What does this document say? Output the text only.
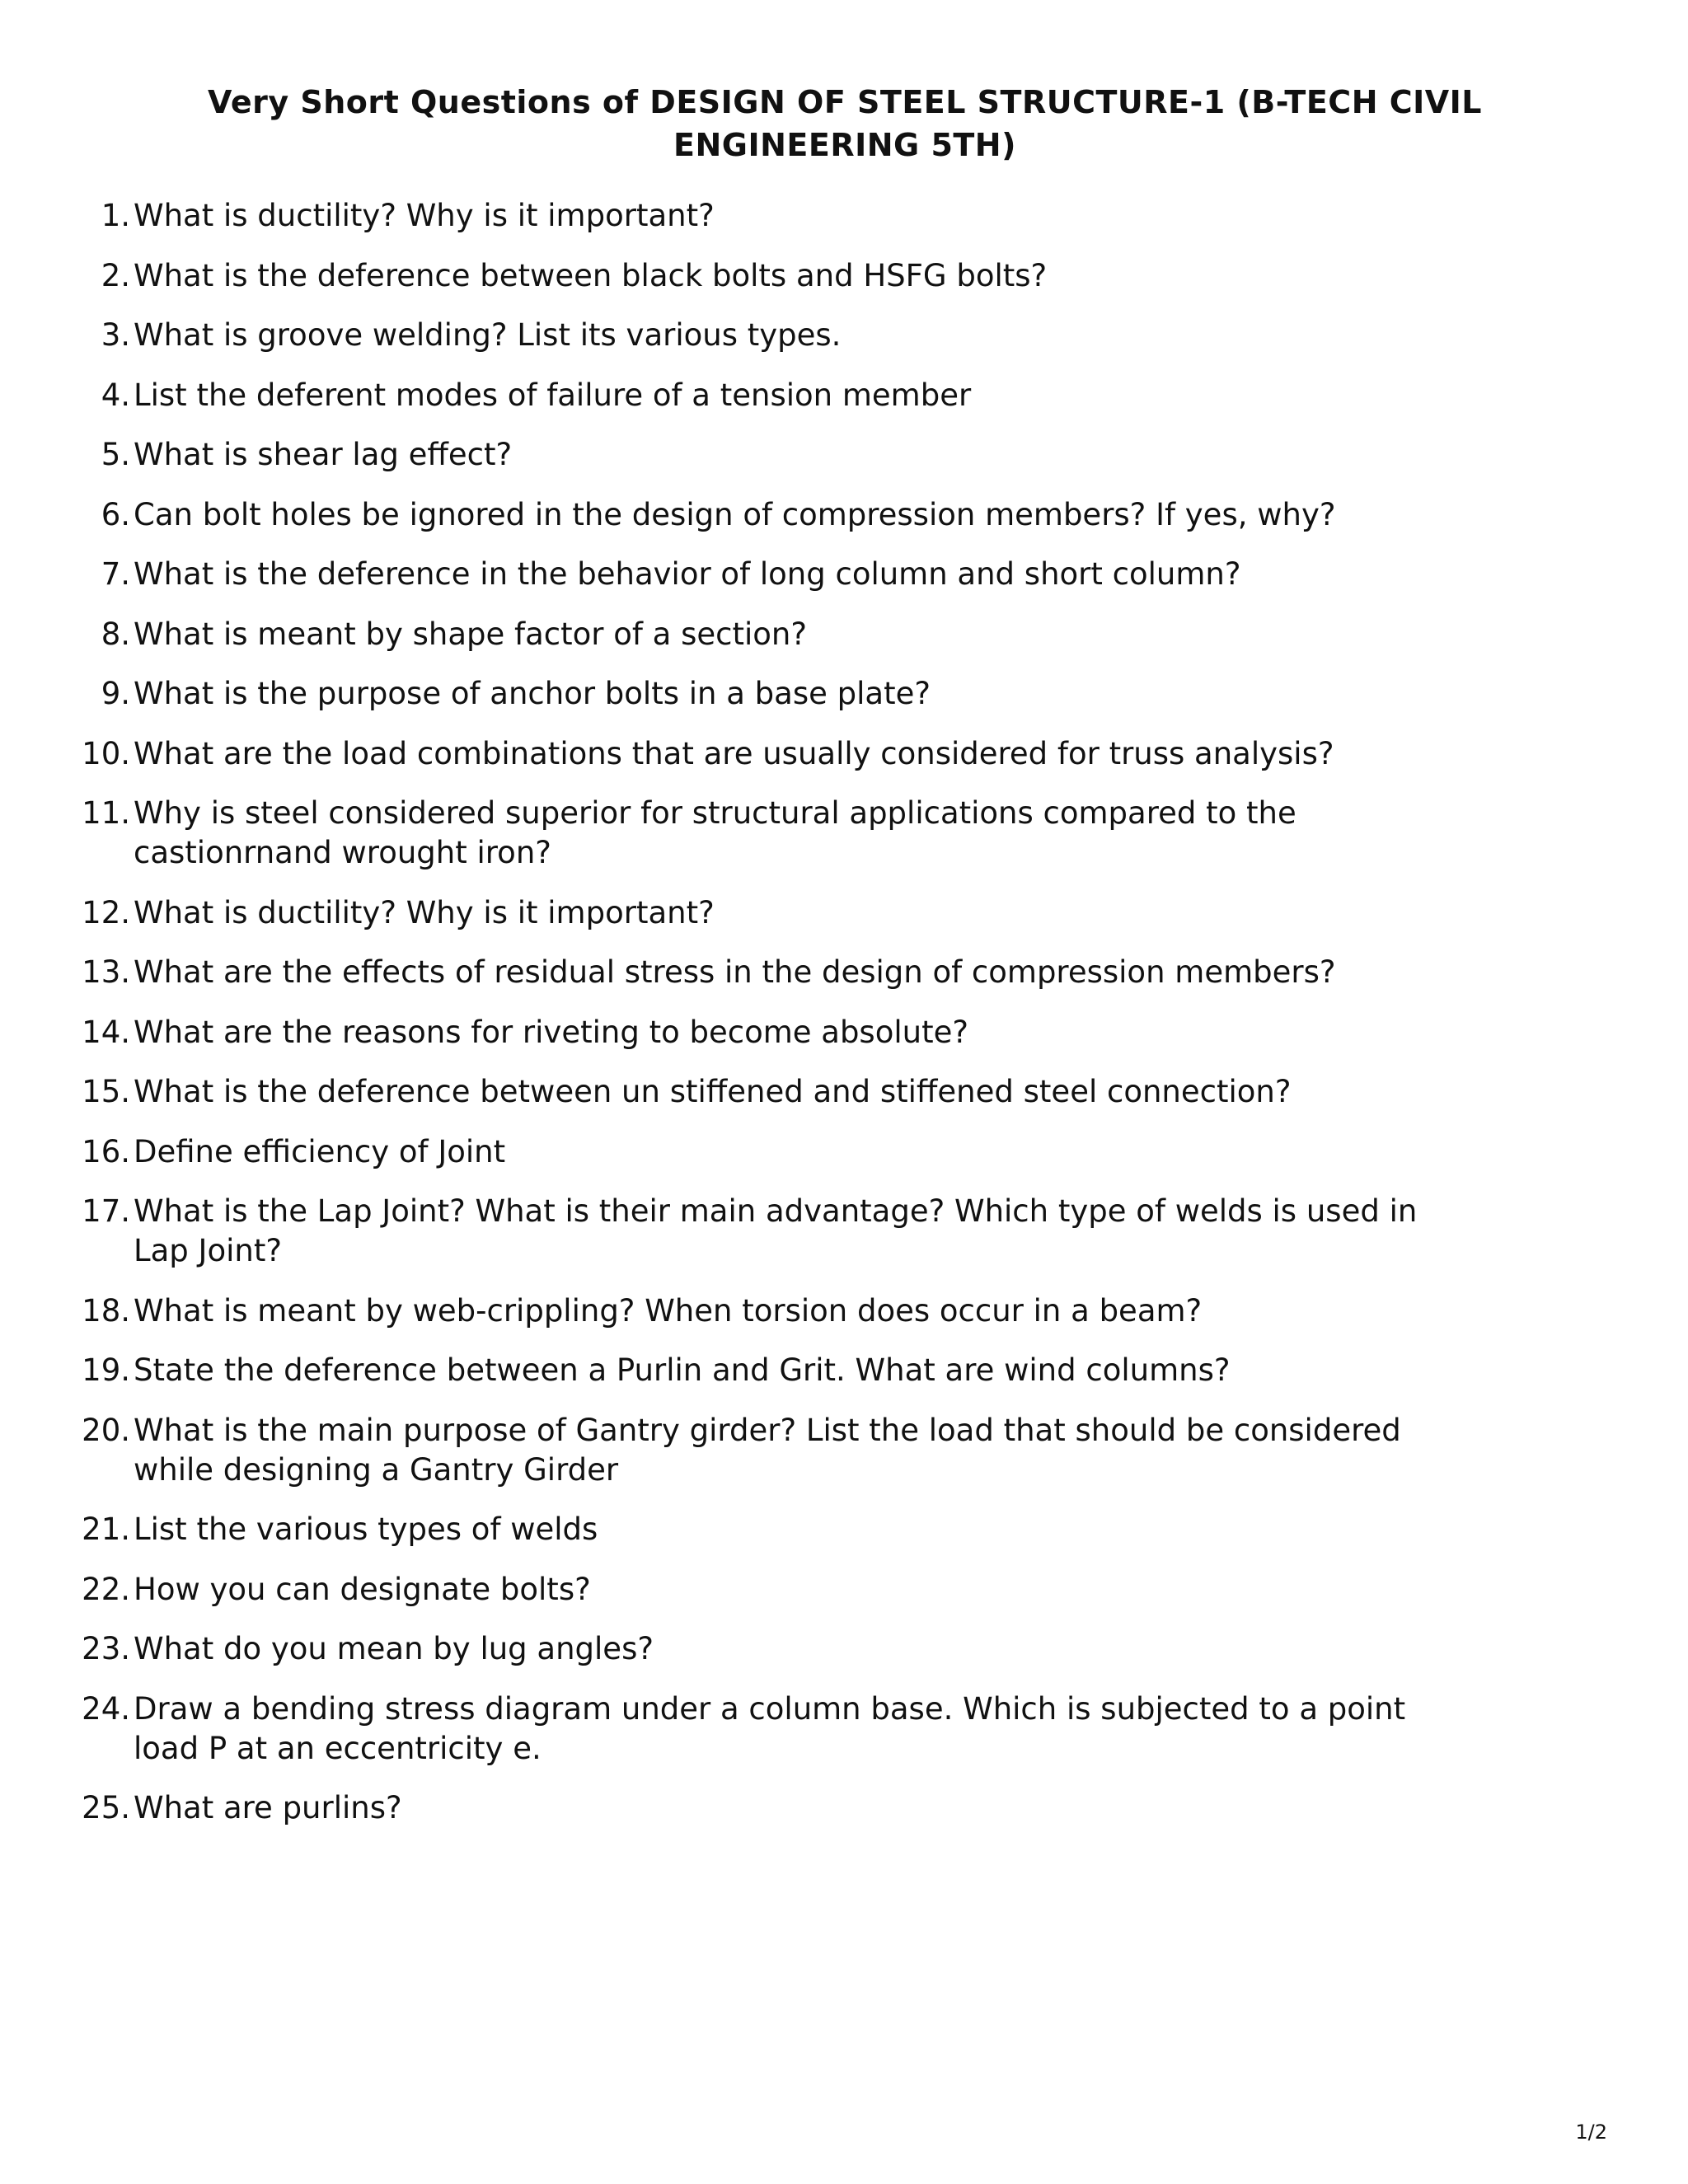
Very Short Questions of DESIGN OF STEEL STRUCTURE-1 (B-TECH CIVIL ENGINEERING 5TH)
1. What is ductility? Why is it important?
2. What is the deference between black bolts and HSFG bolts?
3. What is groove welding? List its various types.
4. List the deferent modes of failure of a tension member
5. What is shear lag effect?
6. Can bolt holes be ignored in the design of compression members? If yes, why?
7. What is the deference in the behavior of long column and short column?
8. What is meant by shape factor of a section?
9. What is the purpose of anchor bolts in a base plate?
10. What are the load combinations that are usually considered for truss analysis?
11. Why is steel considered superior for structural applications compared to the castionrnand wrought iron?
12. What is ductility? Why is it important?
13. What are the effects of residual stress in the design of compression members?
14. What are the reasons for riveting to become absolute?
15. What is the deference between un stiffened and stiffened steel connection?
16. Define efficiency of Joint
17. What is the Lap Joint? What is their main advantage? Which type of welds is used in Lap Joint?
18. What is meant by web-crippling? When torsion does occur in a beam?
19. State the deference between a Purlin and Grit. What are wind columns?
20. What is the main purpose of Gantry girder? List the load that should be considered while designing a Gantry Girder
21. List the various types of welds
22. How you can designate bolts?
23. What do you mean by lug angles?
24. Draw a bending stress diagram under a column base. Which is subjected to a point load P at an eccentricity e.
25. What are purlins?
1/2
